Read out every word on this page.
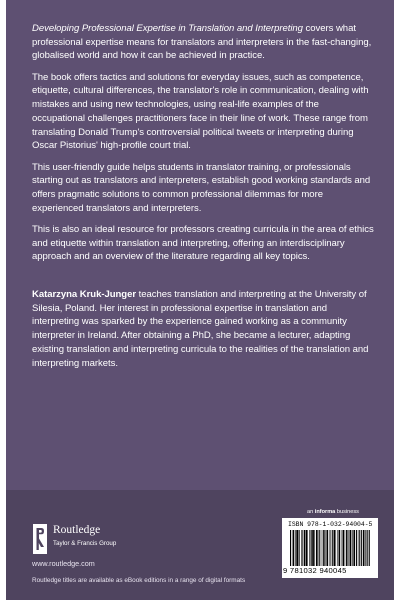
Developing Professional Expertise in Translation and Interpreting covers what professional expertise means for translators and interpreters in the fast-changing, globalised world and how it can be achieved in practice.

The book offers tactics and solutions for everyday issues, such as competence, etiquette, cultural differences, the translator's role in communication, dealing with mistakes and using new technologies, using real-life examples of the occupational challenges practitioners face in their line of work. These range from translating Donald Trump's controversial political tweets or interpreting during Oscar Pistorius' high-profile court trial.

This user-friendly guide helps students in translator training, or professionals starting out as translators and interpreters, establish good working standards and offers pragmatic solutions to common professional dilemmas for more experienced translators and interpreters.

This is also an ideal resource for professors creating curricula in the area of ethics and etiquette within translation and interpreting, offering an interdisciplinary approach and an overview of the literature regarding all key topics.

Katarzyna Kruk-Junger teaches translation and interpreting at the University of Silesia, Poland. Her interest in professional expertise in translation and interpreting was sparked by the experience gained working as a community interpreter in Ireland. After obtaining a PhD, she became a lecturer, adapting existing translation and interpreting curricula to the realities of the translation and interpreting markets.

Routledge
Taylor & Francis Group
www.routledge.com
Routledge titles are available as eBook editions in a range of digital formats
an informa business
ISBN 978-1-032-94004-5
9 781032 940045
